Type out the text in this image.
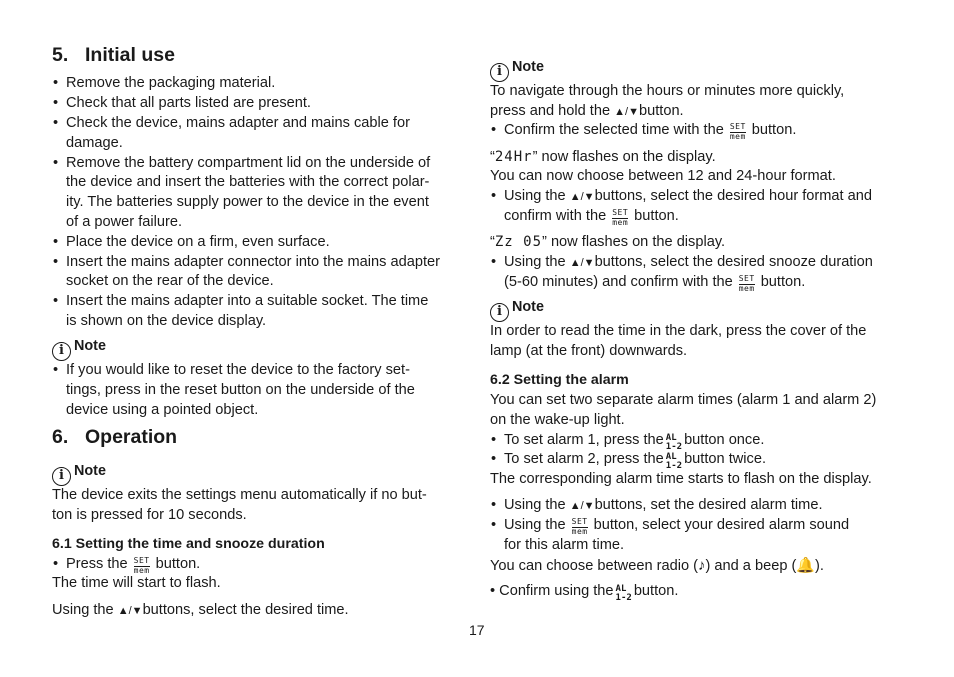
5. Initial use
• Remove the packaging material.
• Check that all parts listed are present.
• Check the device, mains adapter and mains cable for
damage.
• Remove the battery compartment lid on the underside of
the device and insert the batteries with the correct polar-
ity. The batteries supply power to the device in the event
of a power failure.
• Place the device on a firm, even surface.
• Insert the mains adapter connector into the mains adapter
socket on the rear of the device.
• Insert the mains adapter into a suitable socket. The time
is shown on the device display.
i Note
• If you would like to reset the device to the factory set-
tings, press in the reset button on the underside of the
device using a pointed object.
6. Operation
i Note
The device exits the settings menu automatically if no but-
ton is pressed for 10 seconds.
6.1 Setting the time and snooze duration
• Press the SET
mem button.
The time will start to flash.
Using the ▲/▼buttons, select the desired time.
i Note
To navigate through the hours or minutes more quickly,
press and hold the ▲/▼button.
• Confirm the selected time with the SET
mem button.
“24Hr” now flashes on the display.
You can now choose between 12 and 24-hour format.
• Using the ▲/▼buttons, select the desired hour format and
confirm with the SET
mem button.
“Zz 05” now flashes on the display.
• Using the ▲/▼buttons, select the desired snooze duration
(5-60 minutes) and confirm with the SET
mem button.
i Note
In order to read the time in the dark, press the cover of the
lamp (at the front) downwards.
6.2 Setting the alarm
You can set two separate alarm times (alarm 1 and alarm 2)
on the wake-up light.
• To set alarm 1, press the AL
1-2 button once.
• To set alarm 2, press the AL
1-2 button twice.
The corresponding alarm time starts to flash on the display.
• Using the ▲/▼buttons, set the desired alarm time.
• Using the SET
mem button, select your desired alarm sound
for this alarm time.
You can choose between radio (♪) and a beep (🔔).
• Confirm using the AL
1-2 button.
17
